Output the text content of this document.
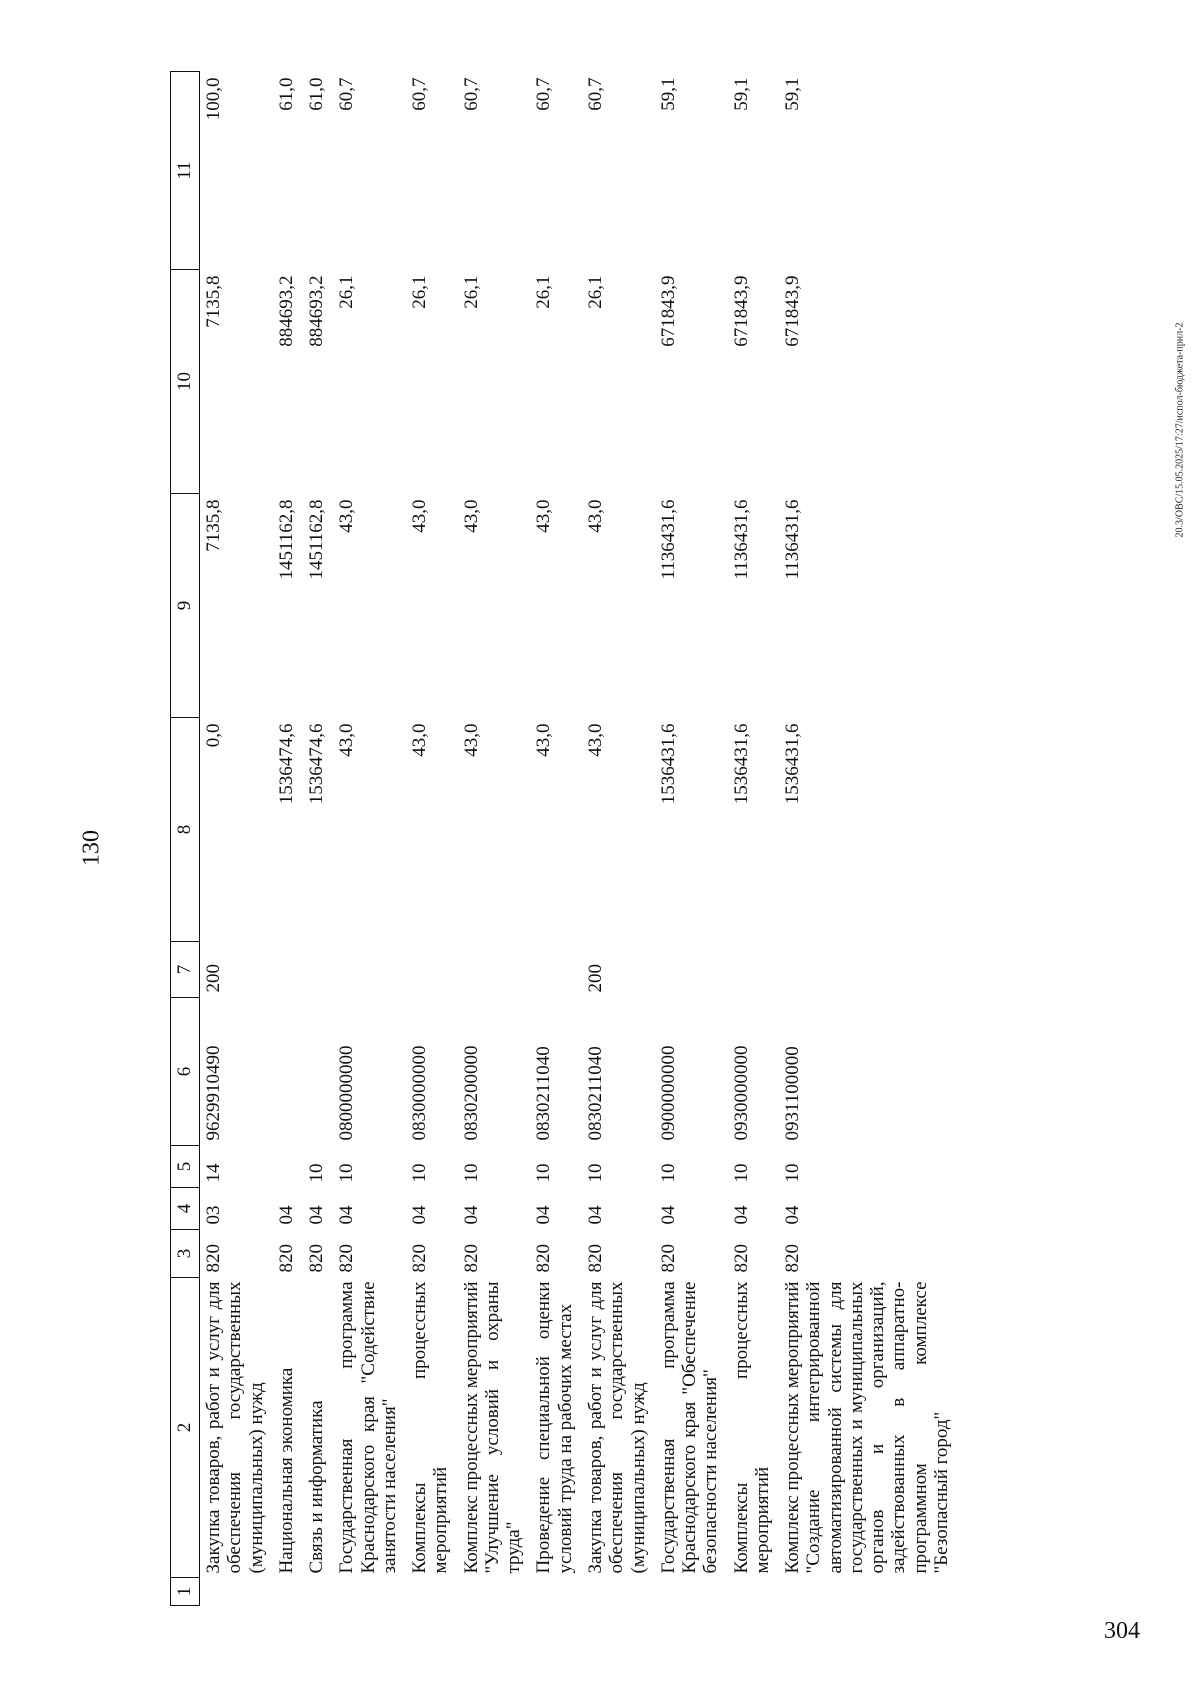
130
20.3/ОВС/15.05.2025/17:27/испол-бюджета-прил-2
304
1	2	3	4	5	6	7	8	9	10	11
	Закупка товаров, работ и услуг для обеспечения государственных (муниципальных) нужд	820	03	14	9629910490	200	0,0	7135,8	7135,8	100,0
	Национальная экономика	820	04				1536474,6	1451162,8	884693,2	61,0
	Связь и информатика	820	04	10			1536474,6	1451162,8	884693,2	61,0
	Государственная программа Краснодарского края "Содействие занятости населения"	820	04	10	0800000000		43,0	43,0	26,1	60,7
	Комплексы процессных мероприятий	820	04	10	0830000000		43,0	43,0	26,1	60,7
	Комплекс процессных мероприятий "Улучшение условий и охраны труда"	820	04	10	0830200000		43,0	43,0	26,1	60,7
	Проведение специальной оценки условий труда на рабочих местах	820	04	10	0830211040		43,0	43,0	26,1	60,7
	Закупка товаров, работ и услуг для обеспечения государственных (муниципальных) нужд	820	04	10	0830211040	200	43,0	43,0	26,1	60,7
	Государственная программа Краснодарского края "Обеспечение безопасности населения"	820	04	10	0900000000		1536431,6	1136431,6	671843,9	59,1
	Комплексы процессных мероприятий	820	04	10	0930000000		1536431,6	1136431,6	671843,9	59,1
	Комплекс процессных мероприятий "Создание интегрированной автоматизированной системы для государственных и муниципальных органов и организаций, задействованных в аппаратно-программном комплексе "Безопасный город"	820	04	10	0931100000		1536431,6	1136431,6	671843,9	59,1
